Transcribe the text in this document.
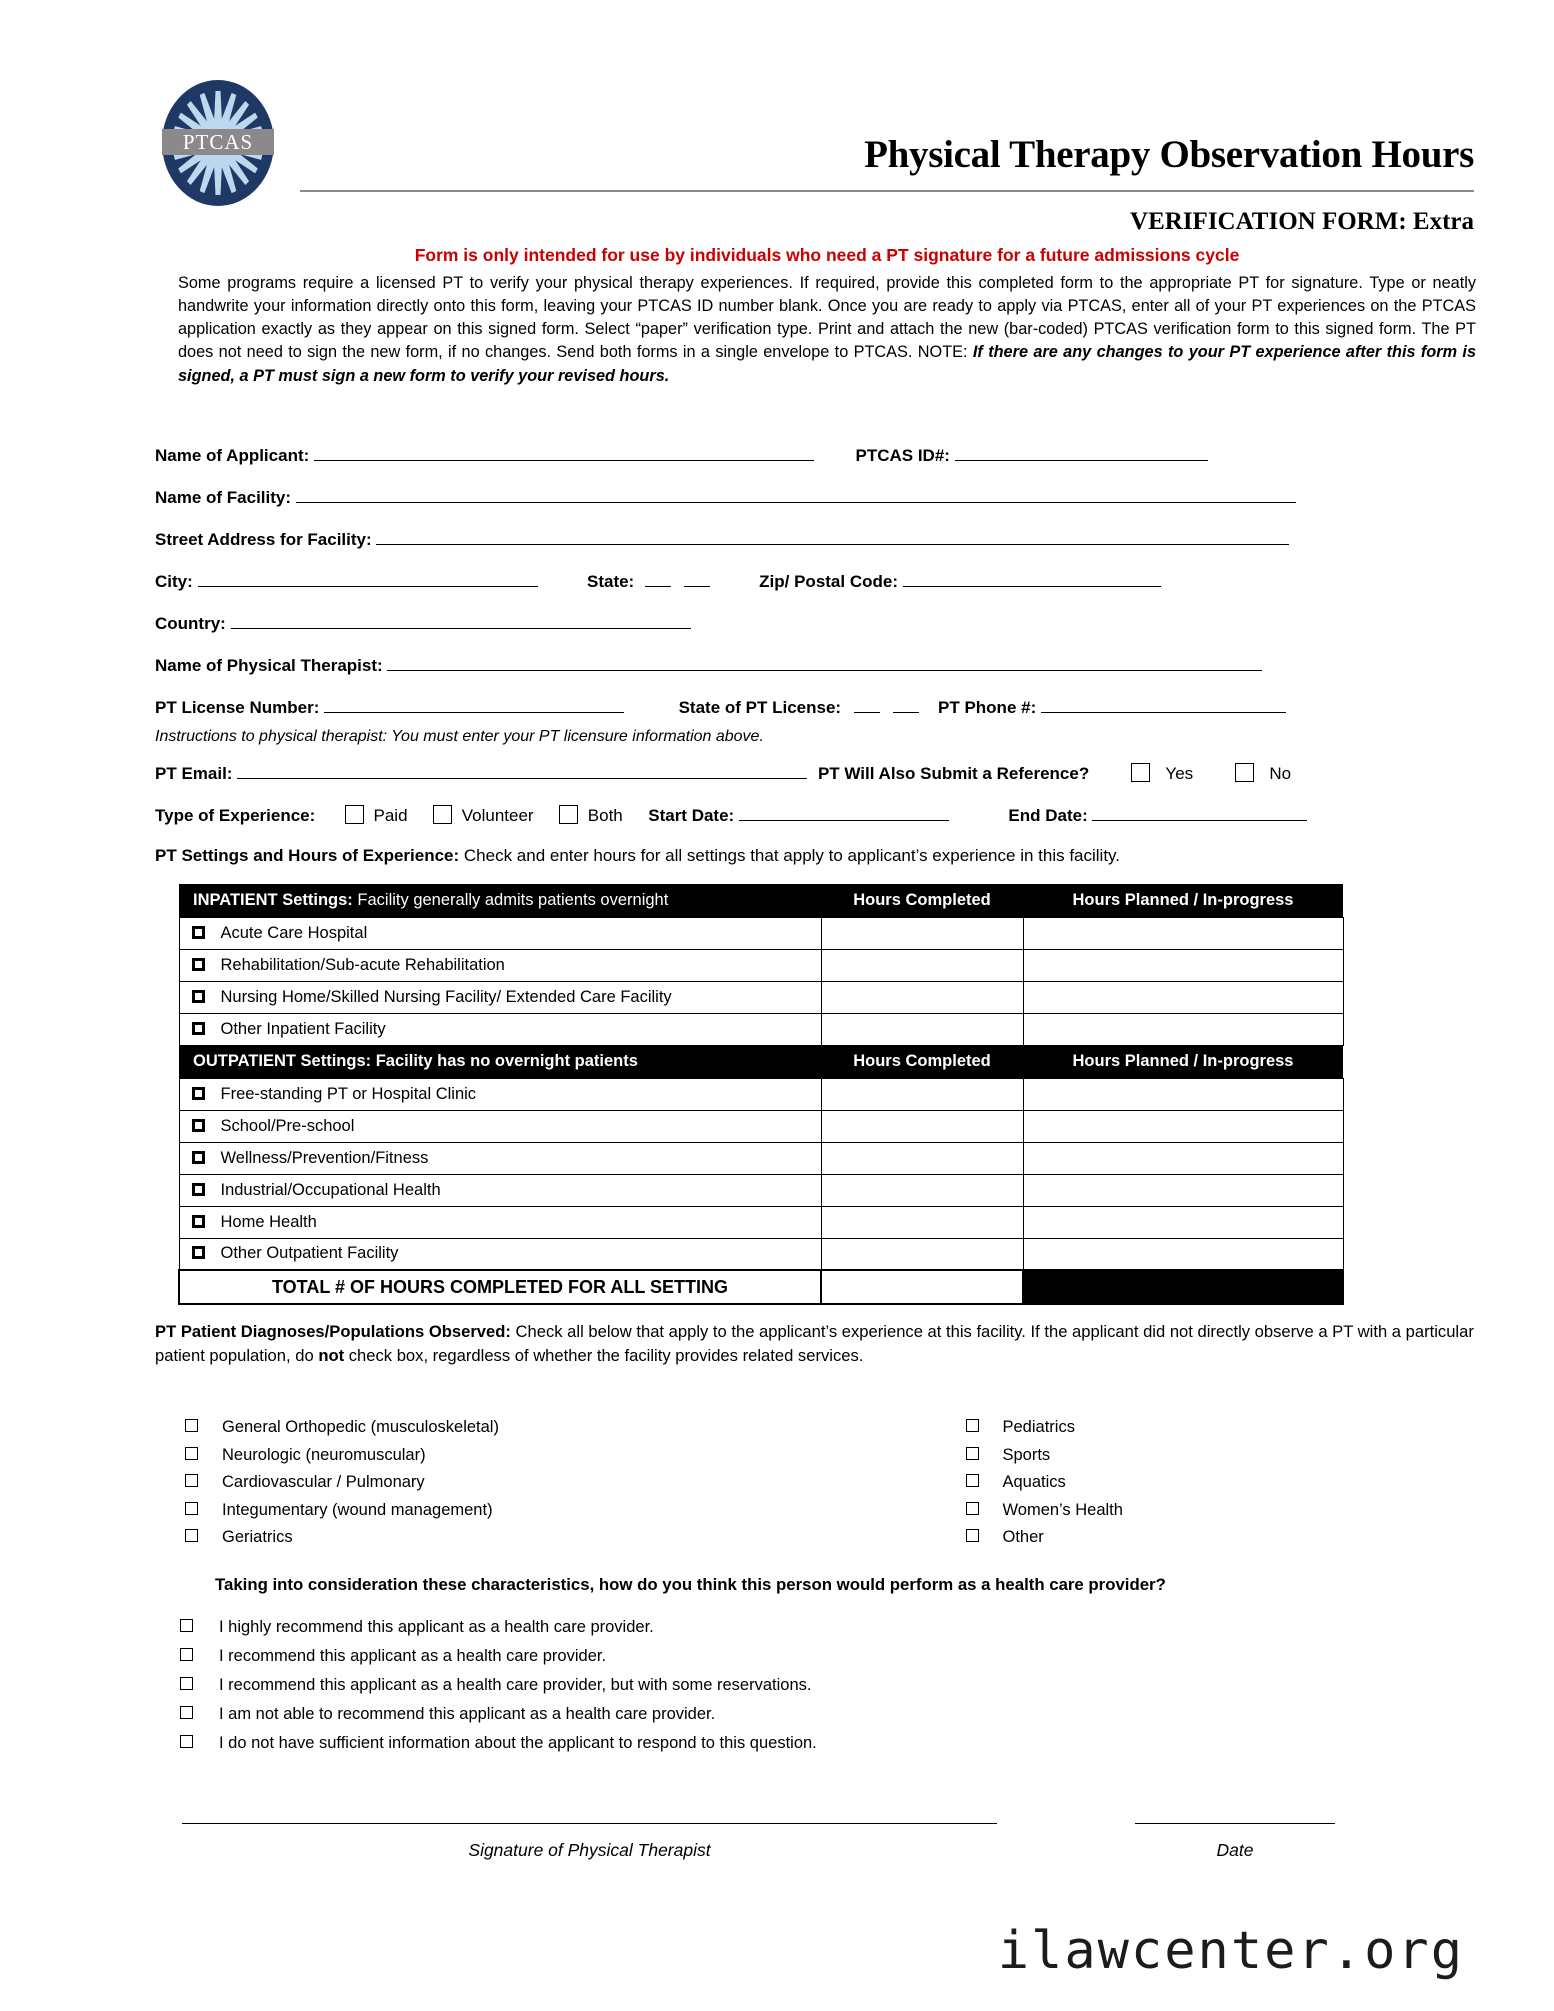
PTCAS	Physical Therapy Observation Hours
VERIFICATION FORM: Extra
Form is only intended for use by individuals who need a PT signature for a future admissions cycle
Some programs require a licensed PT to verify your physical therapy experiences. If required, provide this completed form to the appropriate PT for signature. Type or neatly handwrite your information directly onto this form, leaving your PTCAS ID number blank. Once you are ready to apply via PTCAS, enter all of your PT experiences on the PTCAS application exactly as they appear on this signed form. Select “paper” verification type. Print and attach the new (bar-coded) PTCAS verification form to this signed form. The PT does not need to sign the new form, if no changes. Send both forms in a single envelope to PTCAS. NOTE: If there are any changes to your PT experience after this form is signed, a PT must sign a new form to verify your revised hours.
Name of Applicant:	PTCAS ID#:
Name of Facility:
Street Address for Facility:
City:	State:	Zip/ Postal Code:
Country:
Name of Physical Therapist:
PT License Number:	State of PT License:	PT Phone #:
Instructions to physical therapist: You must enter your PT licensure information above.
PT Email:	PT Will Also Submit a Reference?	Yes	No
Type of Experience:	Paid	Volunteer	Both Start Date:	End Date:
PT Settings and Hours of Experience: Check and enter hours for all settings that apply to applicant’s experience in this facility.
INPATIENT Settings: Facility generally admits patients overnight	Hours Completed	Hours Planned / In-progress
Acute Care Hospital		
Rehabilitation/Sub-acute Rehabilitation		
Nursing Home/Skilled Nursing Facility/ Extended Care Facility		
Other Inpatient Facility		
OUTPATIENT Settings: Facility has no overnight patients	Hours Completed	Hours Planned / In-progress
Free-standing PT or Hospital Clinic		
School/Pre-school		
Wellness/Prevention/Fitness		
Industrial/Occupational Health		
Home Health		
Other Outpatient Facility		
TOTAL # OF HOURS COMPLETED FOR ALL SETTING		
PT Patient Diagnoses/Populations Observed: Check all below that apply to the applicant’s experience at this facility. If the applicant did not directly observe a PT with a particular patient population, do not check box, regardless of whether the facility provides related services.
General Orthopedic (musculoskeletal)
Neurologic (neuromuscular)
Cardiovascular / Pulmonary
Integumentary (wound management)
Geriatrics
Pediatrics
Sports
Aquatics
Women’s Health
Other
Taking into consideration these characteristics, how do you think this person would perform as a health care provider?
I highly recommend this applicant as a health care provider.
I recommend this applicant as a health care provider.
I recommend this applicant as a health care provider, but with some reservations.
I am not able to recommend this applicant as a health care provider.
I do not have sufficient information about the applicant to respond to this question.
Signature of Physical Therapist	Date
ilawcenter.org
